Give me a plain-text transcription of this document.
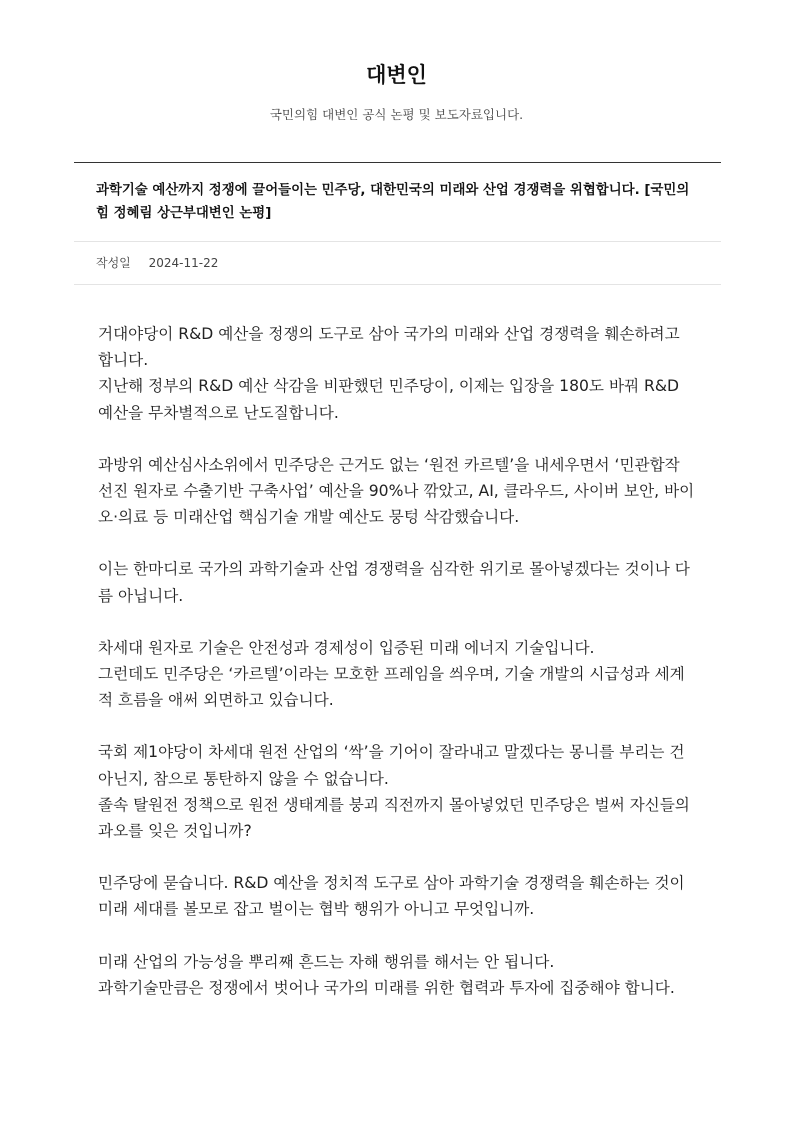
대변인
국민의힘 대변인 공식 논평 및 보도자료입니다.
과학기술 예산까지 정쟁에 끌어들이는 민주당, 대한민국의 미래와 산업 경쟁력을 위협합니다. [국민의힘 정혜림 상근부대변인 논평]
작성일 2024-11-22

거대야당이 R&D 예산을 정쟁의 도구로 삼아 국가의 미래와 산업 경쟁력을 훼손하려고 합니다.
지난해 정부의 R&D 예산 삭감을 비판했던 민주당이, 이제는 입장을 180도 바꿔 R&D 예산을 무차별적으로 난도질합니다.

과방위 예산심사소위에서 민주당은 근거도 없는 ‘원전 카르텔’을 내세우면서 ‘민관합작 선진 원자로 수출기반 구축사업’ 예산을 90%나 깎았고, AI, 클라우드, 사이버 보안, 바이오·의료 등 미래산업 핵심기술 개발 예산도 뭉텅 삭감했습니다.

이는 한마디로 국가의 과학기술과 산업 경쟁력을 심각한 위기로 몰아넣겠다는 것이나 다름 아닙니다.

차세대 원자로 기술은 안전성과 경제성이 입증된 미래 에너지 기술입니다.
그런데도 민주당은 ‘카르텔’이라는 모호한 프레임을 씌우며, 기술 개발의 시급성과 세계적 흐름을 애써 외면하고 있습니다.

국회 제1야당이 차세대 원전 산업의 ‘싹’을 기어이 잘라내고 말겠다는 몽니를 부리는 건 아닌지, 참으로 통탄하지 않을 수 없습니다.
졸속 탈원전 정책으로 원전 생태계를 붕괴 직전까지 몰아넣었던 민주당은 벌써 자신들의 과오를 잊은 것입니까?

민주당에 묻습니다. R&D 예산을 정치적 도구로 삼아 과학기술 경쟁력을 훼손하는 것이 미래 세대를 볼모로 잡고 벌이는 협박 행위가 아니고 무엇입니까.

미래 산업의 가능성을 뿌리째 흔드는 자해 행위를 해서는 안 됩니다.
과학기술만큼은 정쟁에서 벗어나 국가의 미래를 위한 협력과 투자에 집중해야 합니다.
